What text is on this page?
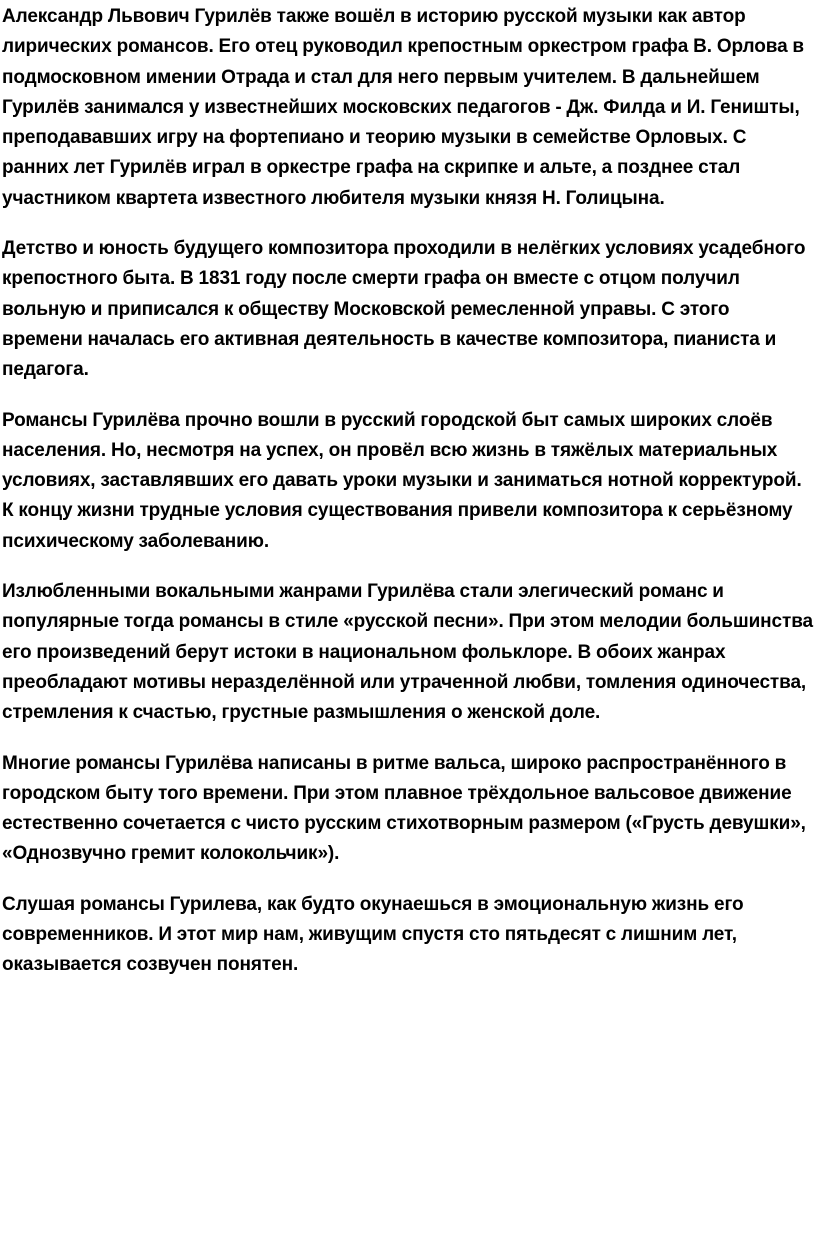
Александр Львович Гурилёв также вошёл в историю русской музыки как автор лирических романсов. Его отец руководил крепостным оркестром графа В. Орлова в подмосковном имении Отрада и стал для него первым учителем. В дальнейшем Гурилёв занимался у известнейших московских педагогов - Дж. Филда и И. Геништы, преподававших игру на фортепиано и теорию музыки в семействе Орловых. С ранних лет Гурилёв играл в оркестре графа на скрипке и альте, а позднее стал участником квартета известного любителя музыки князя Н. Голицына.

Детство и юность будущего композитора проходили в нелёгких условиях усадебного крепостного быта. В 1831 году после смерти графа он вместе с отцом получил вольную и приписался к обществу Московской ремесленной управы. С этого времени началась его активная деятельность в качестве композитора, пианиста и педагога.

Романсы Гурилёва прочно вошли в русский городской быт самых широких слоёв населения. Но, несмотря на успех, он провёл всю жизнь в тяжёлых материальных условиях, заставлявших его давать уроки музыки и заниматься нотной корректурой. К концу жизни трудные условия существования привели композитора к серьёзному психическому заболеванию.

Излюбленными вокальными жанрами Гурилёва стали элегический романс и популярные тогда романсы в стиле «русской песни». При этом мелодии большинства его произведений берут истоки в национальном фольклоре. В обоих жанрах преобладают мотивы неразделённой или утраченной любви, томления одиночества, стремления к счастью, грустные размышления о женской доле.

Многие романсы Гурилёва написаны в ритме вальса, широко распространённого в городском быту того времени. При этом плавное трёхдольное вальсовое движение естественно сочетается с чисто русским стихотворным размером («Грусть девушки», «Однозвучно гремит колокольчик»).

Слушая романсы Гурилева, как будто окунаешься в эмоциональную жизнь его современников. И этот мир нам, живущим спустя сто пятьдесят с лишним лет, оказывается созвучен понятен.
